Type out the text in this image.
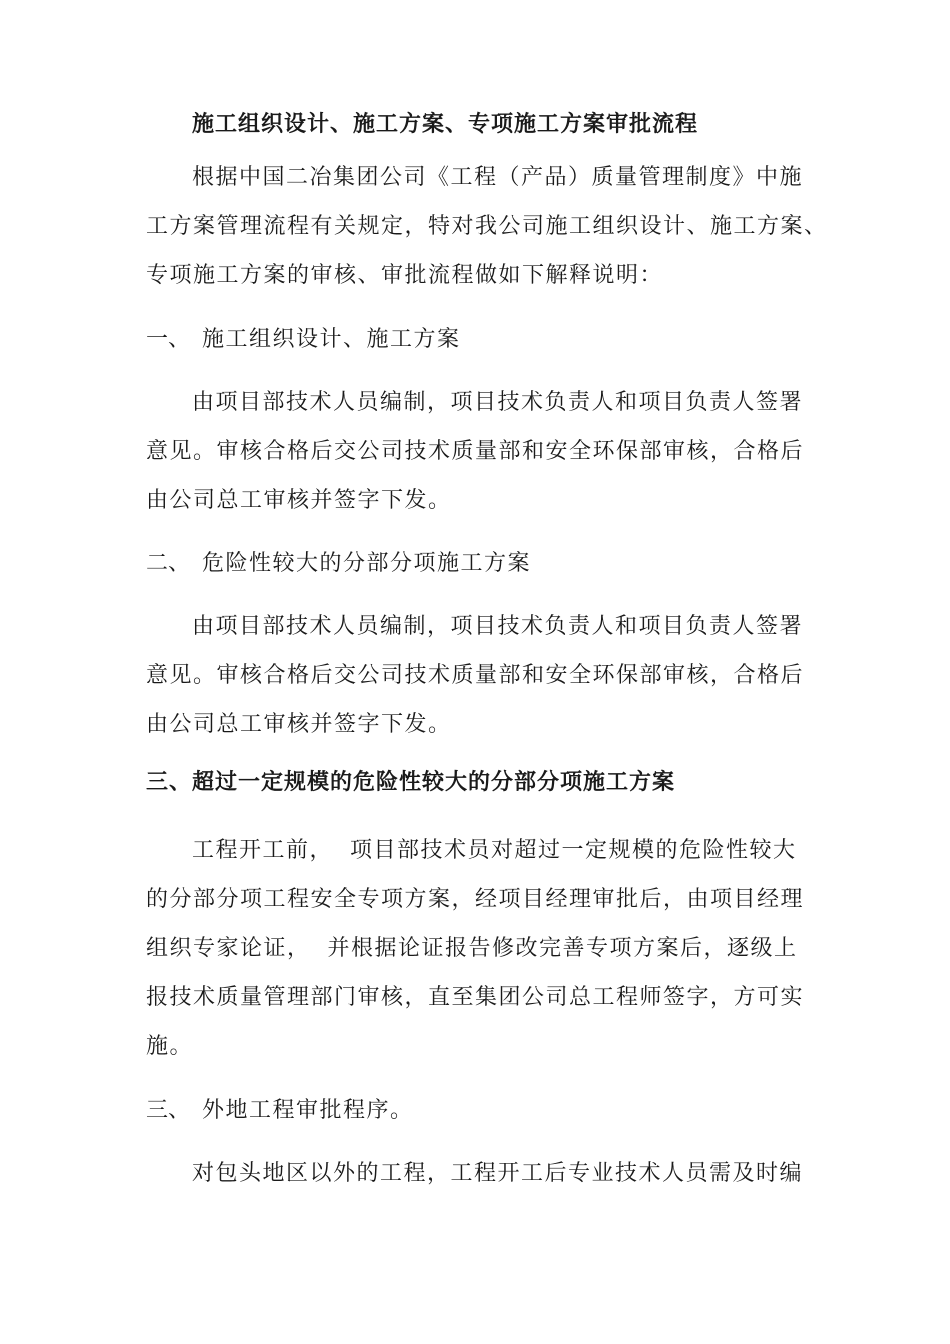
施工组织设计、施工方案、专项施工方案审批流程
根据中国二冶集团公司《工程（产品）质量管理制度》中施
工方案管理流程有关规定，特对我公司施工组织设计、施工方案、
专项施工方案的审核、审批流程做如下解释说明：
一、 施工组织设计、施工方案
由项目部技术人员编制，项目技术负责人和项目负责人签署
意见。审核合格后交公司技术质量部和安全环保部审核，合格后
由公司总工审核并签字下发。
二、 危险性较大的分部分项施工方案
由项目部技术人员编制，项目技术负责人和项目负责人签署
意见。审核合格后交公司技术质量部和安全环保部审核，合格后
由公司总工审核并签字下发。
三、超过一定规模的危险性较大的分部分项施工方案
工程开工前，  项目部技术员对超过一定规模的危险性较大
的分部分项工程安全专项方案，经项目经理审批后，由项目经理
组织专家论证，  并根据论证报告修改完善专项方案后，逐级上
报技术质量管理部门审核，直至集团公司总工程师签字，方可实
施。
三、 外地工程审批程序。
对包头地区以外的工程，工程开工后专业技术人员需及时编
